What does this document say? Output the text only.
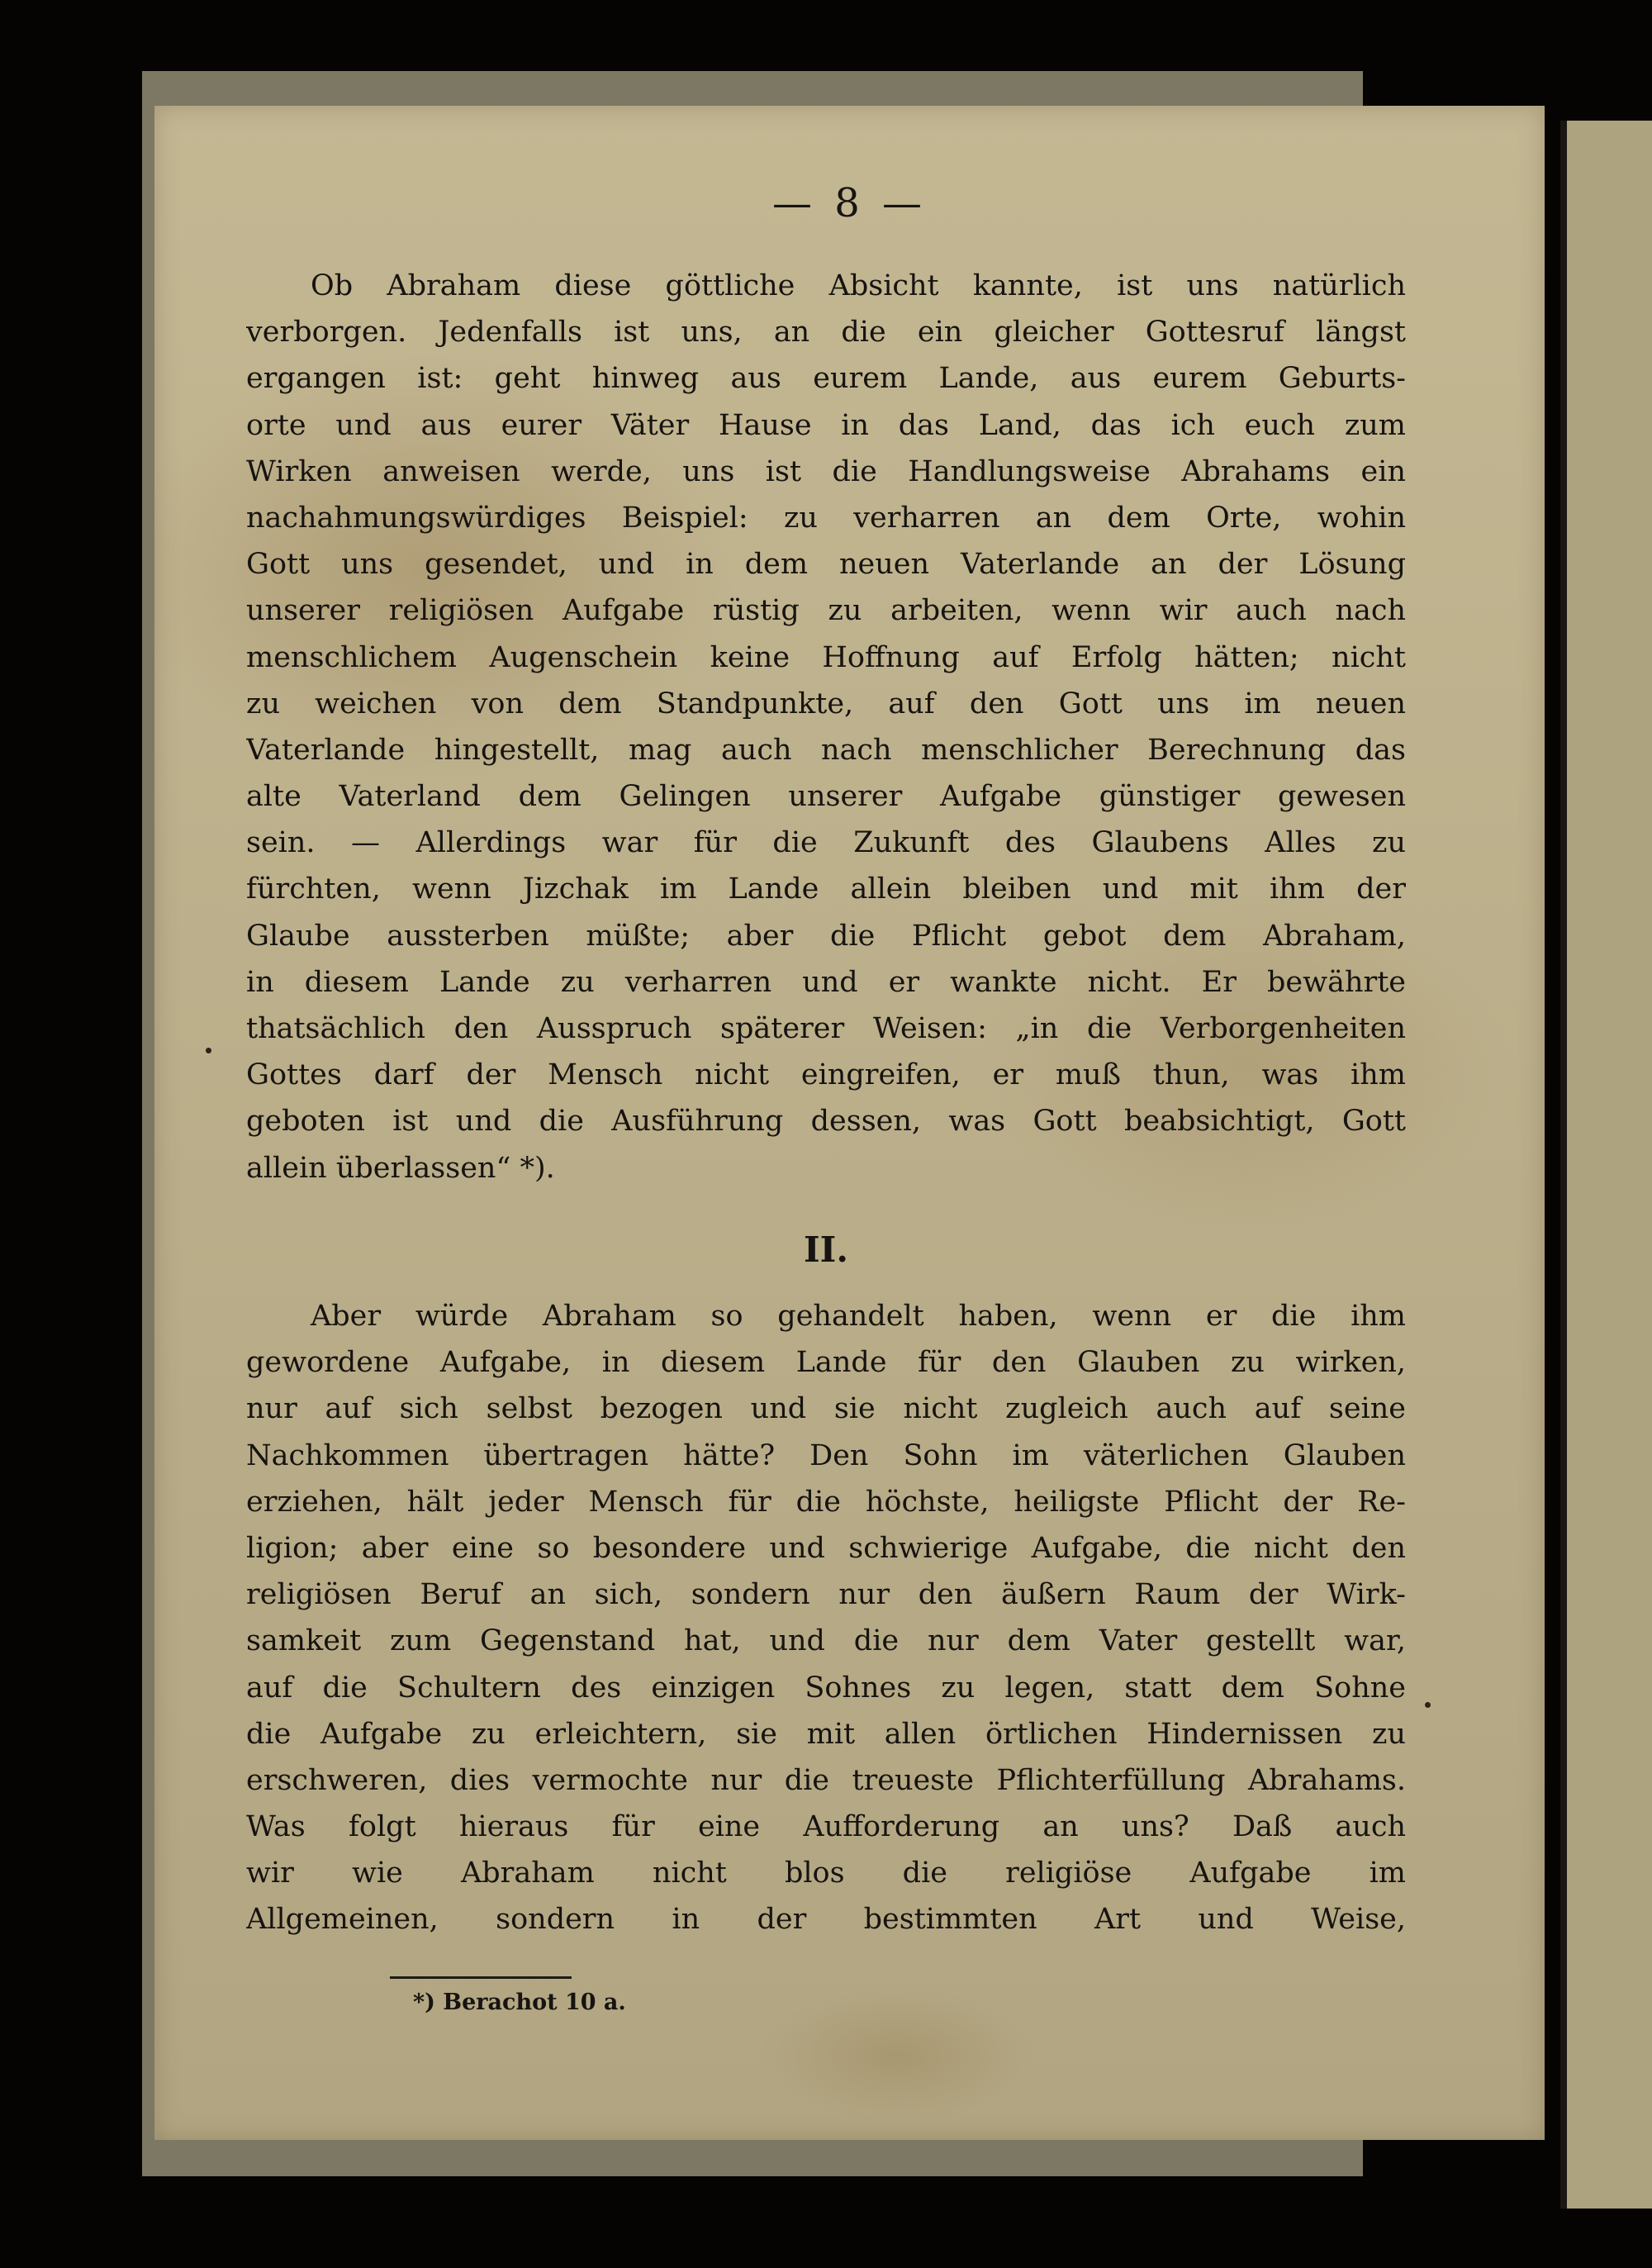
— 8 —
Ob Abraham diese göttliche Absicht kannte, ist uns natürlich
verborgen. Jedenfalls ist uns, an die ein gleicher Gottesruf längst
ergangen ist: geht hinweg aus eurem Lande, aus eurem Geburts-
orte und aus eurer Väter Hause in das Land, das ich euch zum
Wirken anweisen werde, uns ist die Handlungsweise Abrahams ein
nachahmungswürdiges Beispiel: zu verharren an dem Orte, wohin
Gott uns gesendet, und in dem neuen Vaterlande an der Lösung
unserer religiösen Aufgabe rüstig zu arbeiten, wenn wir auch nach
menschlichem Augenschein keine Hoffnung auf Erfolg hätten; nicht
zu weichen von dem Standpunkte, auf den Gott uns im neuen
Vaterlande hingestellt, mag auch nach menschlicher Berechnung das
alte Vaterland dem Gelingen unserer Aufgabe günstiger gewesen
sein. — Allerdings war für die Zukunft des Glaubens Alles zu
fürchten, wenn Jizchak im Lande allein bleiben und mit ihm der
Glaube aussterben müßte; aber die Pflicht gebot dem Abraham,
in diesem Lande zu verharren und er wankte nicht. Er bewährte
thatsächlich den Ausspruch späterer Weisen: „in die Verborgenheiten
Gottes darf der Mensch nicht eingreifen, er muß thun, was ihm
geboten ist und die Ausführung dessen, was Gott beabsichtigt, Gott
allein überlassen“ *).
II.
Aber würde Abraham so gehandelt haben, wenn er die ihm
gewordene Aufgabe, in diesem Lande für den Glauben zu wirken,
nur auf sich selbst bezogen und sie nicht zugleich auch auf seine
Nachkommen übertragen hätte? Den Sohn im väterlichen Glauben
erziehen, hält jeder Mensch für die höchste, heiligste Pflicht der Re-
ligion; aber eine so besondere und schwierige Aufgabe, die nicht den
religiösen Beruf an sich, sondern nur den äußern Raum der Wirk-
samkeit zum Gegenstand hat, und die nur dem Vater gestellt war,
auf die Schultern des einzigen Sohnes zu legen, statt dem Sohne
die Aufgabe zu erleichtern, sie mit allen örtlichen Hindernissen zu
erschweren, dies vermochte nur die treueste Pflichterfüllung Abrahams.
Was folgt hieraus für eine Aufforderung an uns? Daß auch
wir wie Abraham nicht blos die religiöse Aufgabe im
Allgemeinen, sondern in der bestimmten Art und Weise,
*) Berachot 10 a.
